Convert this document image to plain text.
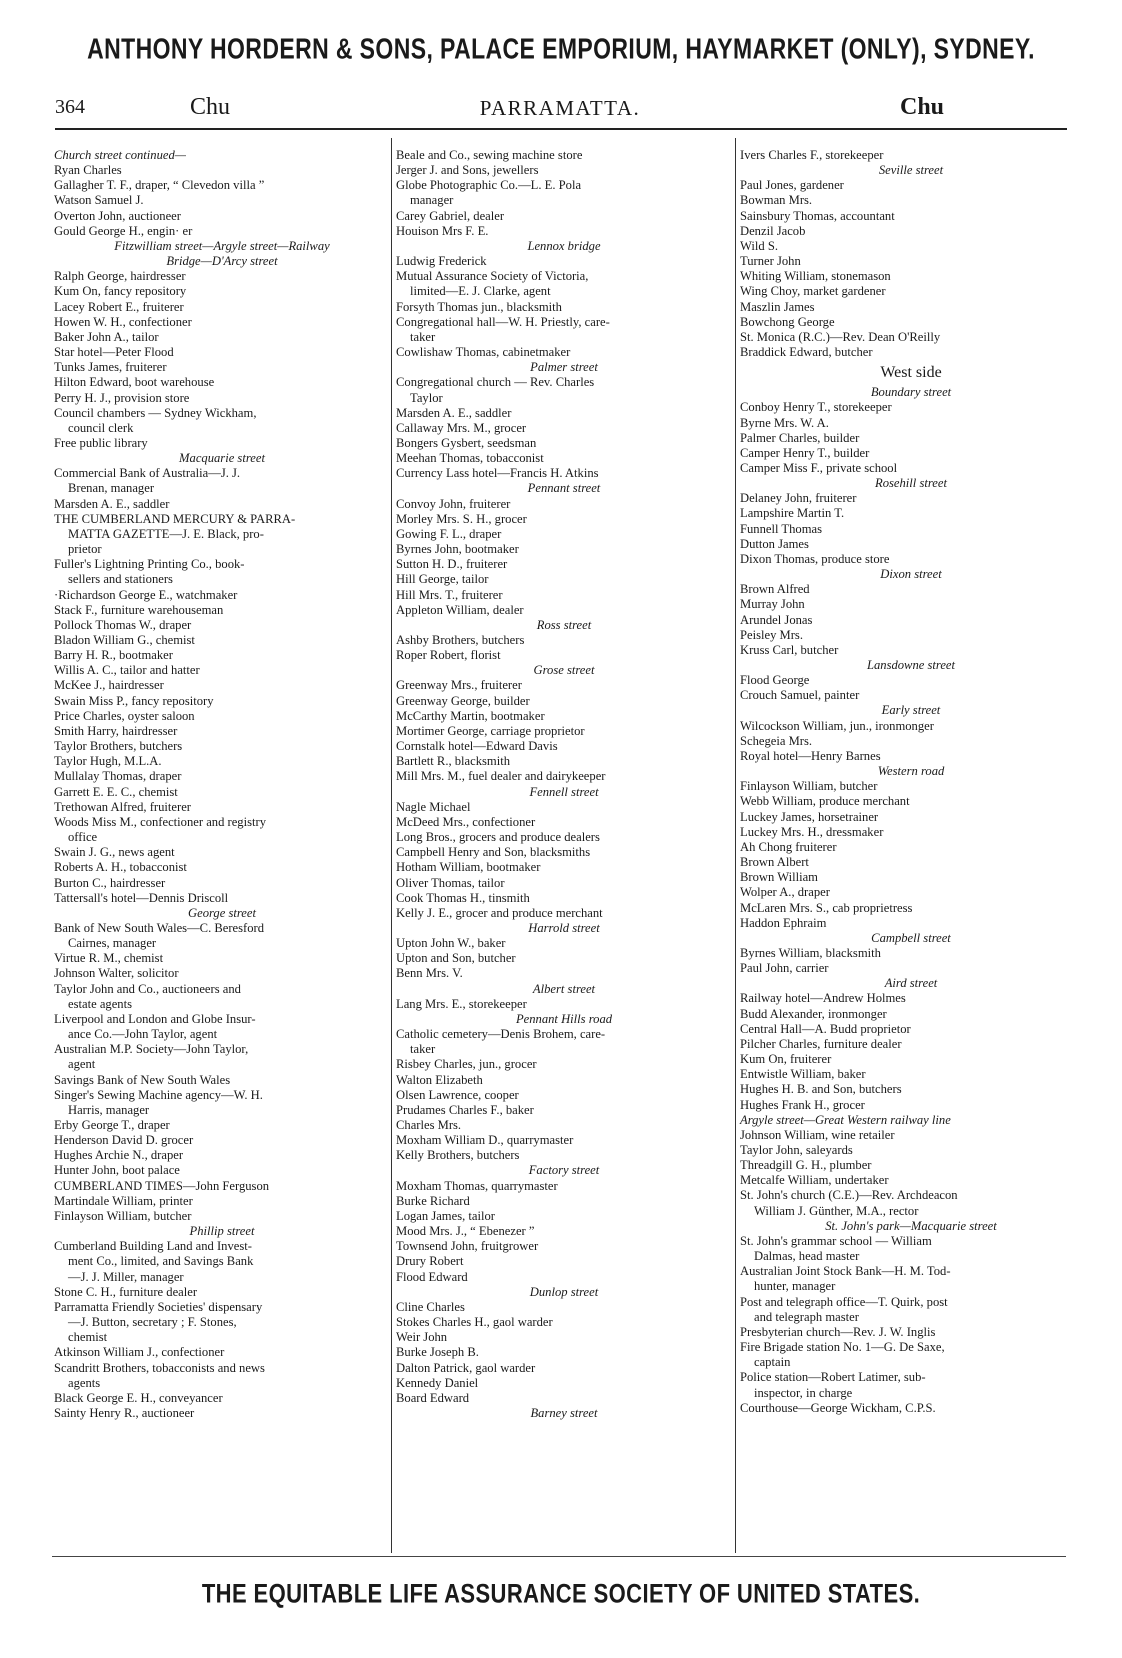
ANTHONY HORDERN & SONS, PALACE EMPORIUM, HAYMARKET (ONLY), SYDNEY.
364	Chu	PARRAMATTA.	Chu
Church street continued—
Ryan Charles
Gallagher T. F., draper, “ Clevedon villa ”
Watson Samuel J.
Overton John, auctioneer
Gould George H., engin· er
Fitzwilliam street—Argyle street—Railway
Bridge—D'Arcy street
Ralph George, hairdresser
Kum On, fancy repository
Lacey Robert E., fruiterer
Howen W. H., confectioner
Baker John A., tailor
Star hotel—Peter Flood
Tunks James, fruiterer
Hilton Edward, boot warehouse
Perry H. J., provision store
Council chambers — Sydney Wickham,
council clerk
Free public library
Macquarie street
Commercial Bank of Australia—J. J.
Brenan, manager
Marsden A. E., saddler
THE CUMBERLAND MERCURY & PARRA-
MATTA GAZETTE—J. E. Black, pro-
prietor
Fuller's Lightning Printing Co., book-
sellers and stationers
·Richardson George E., watchmaker
Stack F., furniture warehouseman
Pollock Thomas W., draper
Bladon William G., chemist
Barry H. R., bootmaker
Willis A. C., tailor and hatter
McKee J., hairdresser
Swain Miss P., fancy repository
Price Charles, oyster saloon
Smith Harry, hairdresser
Taylor Brothers, butchers
Taylor Hugh, M.L.A.
Mullalay Thomas, draper
Garrett E. E. C., chemist
Trethowan Alfred, fruiterer
Woods Miss M., confectioner and registry
office
Swain J. G., news agent
Roberts A. H., tobacconist
Burton C., hairdresser
Tattersall's hotel—Dennis Driscoll
George street
Bank of New South Wales—C. Beresford
Cairnes, manager
Virtue R. M., chemist
Johnson Walter, solicitor
Taylor John and Co., auctioneers and
estate agents
Liverpool and London and Globe Insur-
ance Co.—John Taylor, agent
Australian M.P. Society—John Taylor,
agent
Savings Bank of New South Wales
Singer's Sewing Machine agency—W. H.
Harris, manager
Erby George T., draper
Henderson David D. grocer
Hughes Archie N., draper
Hunter John, boot palace
CUMBERLAND TIMES—John Ferguson
Martindale William, printer
Finlayson William, butcher
Phillip street
Cumberland Building Land and Invest-
ment Co., limited, and Savings Bank
—J. J. Miller, manager
Stone C. H., furniture dealer
Parramatta Friendly Societies' dispensary
—J. Button, secretary ; F. Stones,
chemist
Atkinson William J., confectioner
Scandritt Brothers, tobacconists and news
agents
Black George E. H., conveyancer
Sainty Henry R., auctioneer
Beale and Co., sewing machine store
Jerger J. and Sons, jewellers
Globe Photographic Co.—L. E. Pola
manager
Carey Gabriel, dealer
Houison Mrs F. E.
Lennox bridge
Ludwig Frederick
Mutual Assurance Society of Victoria,
limited—E. J. Clarke, agent
Forsyth Thomas jun., blacksmith
Congregational hall—W. H. Priestly, care-
taker
Cowlishaw Thomas, cabinetmaker
Palmer street
Congregational church — Rev. Charles
Taylor
Marsden A. E., saddler
Callaway Mrs. M., grocer
Bongers Gysbert, seedsman
Meehan Thomas, tobacconist
Currency Lass hotel—Francis H. Atkins
Pennant street
Convoy John, fruiterer
Morley Mrs. S. H., grocer
Gowing F. L., draper
Byrnes John, bootmaker
Sutton H. D., fruiterer
Hill George, tailor
Hill Mrs. T., fruiterer
Appleton William, dealer
Ross street
Ashby Brothers, butchers
Roper Robert, florist
Grose street
Greenway Mrs., fruiterer
Greenway George, builder
McCarthy Martin, bootmaker
Mortimer George, carriage proprietor
Cornstalk hotel—Edward Davis
Bartlett R., blacksmith
Mill Mrs. M., fuel dealer and dairykeeper
Fennell street
Nagle Michael
McDeed Mrs., confectioner
Long Bros., grocers and produce dealers
Campbell Henry and Son, blacksmiths
Hotham William, bootmaker
Oliver Thomas, tailor
Cook Thomas H., tinsmith
Kelly J. E., grocer and produce merchant
Harrold street
Upton John W., baker
Upton and Son, butcher
Benn Mrs. V.
Albert street
Lang Mrs. E., storekeeper
Pennant Hills road
Catholic cemetery—Denis Brohem, care-
taker
Risbey Charles, jun., grocer
Walton Elizabeth
Olsen Lawrence, cooper
Prudames Charles F., baker
Charles Mrs.
Moxham William D., quarrymaster
Kelly Brothers, butchers
Factory street
Moxham Thomas, quarrymaster
Burke Richard
Logan James, tailor
Mood Mrs. J., “ Ebenezer ”
Townsend John, fruitgrower
Drury Robert
Flood Edward
Dunlop street
Cline Charles
Stokes Charles H., gaol warder
Weir John
Burke Joseph B.
Dalton Patrick, gaol warder
Kennedy Daniel
Board Edward
Barney street
Ivers Charles F., storekeeper
Seville street
Paul Jones, gardener
Bowman Mrs.
Sainsbury Thomas, accountant
Denzil Jacob
Wild S.
Turner John
Whiting William, stonemason
Wing Choy, market gardener
Maszlin James
Bowchong George
St. Monica (R.C.)—Rev. Dean O'Reilly
Braddick Edward, butcher
West side
Boundary street
Conboy Henry T., storekeeper
Byrne Mrs. W. A.
Palmer Charles, builder
Camper Henry T., builder
Camper Miss F., private school
Rosehill street
Delaney John, fruiterer
Lampshire Martin T.
Funnell Thomas
Dutton James
Dixon Thomas, produce store
Dixon street
Brown Alfred
Murray John
Arundel Jonas
Peisley Mrs.
Kruss Carl, butcher
Lansdowne street
Flood George
Crouch Samuel, painter
Early street
Wilcockson William, jun., ironmonger
Schegeia Mrs.
Royal hotel—Henry Barnes
Western road
Finlayson William, butcher
Webb William, produce merchant
Luckey James, horsetrainer
Luckey Mrs. H., dressmaker
Ah Chong fruiterer
Brown Albert
Brown William
Wolper A., draper
McLaren Mrs. S., cab proprietress
Haddon Ephraim
Campbell street
Byrnes William, blacksmith
Paul John, carrier
Aird street
Railway hotel—Andrew Holmes
Budd Alexander, ironmonger
Central Hall—A. Budd proprietor
Pilcher Charles, furniture dealer
Kum On, fruiterer
Entwistle William, baker
Hughes H. B. and Son, butchers
Hughes Frank H., grocer
Argyle street—Great Western railway line
Johnson William, wine retailer
Taylor John, saleyards
Threadgill G. H., plumber
Metcalfe William, undertaker
St. John's church (C.E.)—Rev. Archdeacon
William J. Günther, M.A., rector
St. John's park—Macquarie street
St. John's grammar school — William
Dalmas, head master
Australian Joint Stock Bank—H. M. Tod-
hunter, manager
Post and telegraph office—T. Quirk, post
and telegraph master
Presbyterian church—Rev. J. W. Inglis
Fire Brigade station No. 1—G. De Saxe,
captain
Police station—Robert Latimer, sub-
inspector, in charge
Courthouse—George Wickham, C.P.S.
THE EQUITABLE LIFE ASSURANCE SOCIETY OF UNITED STATES.
